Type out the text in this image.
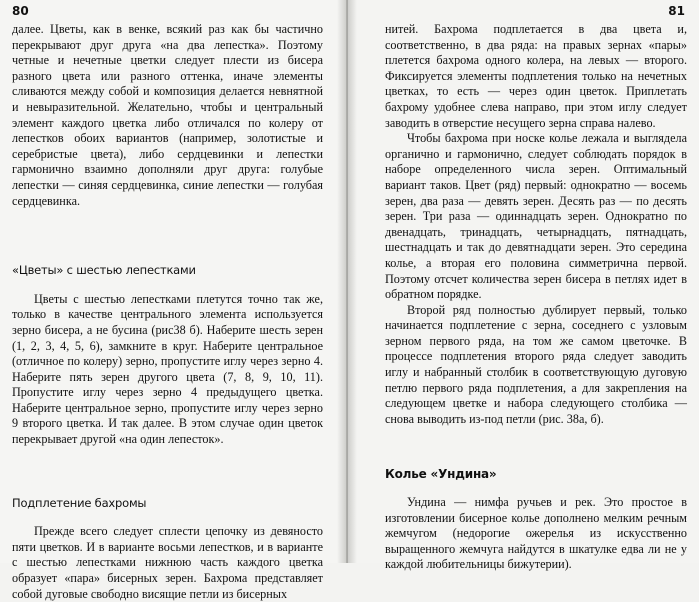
80

далее. Цветы, как в венке, всякий раз как бы частично перекрывают друг друга «на два лепестка». Поэтому четные и нечетные цветки следует плести из бисера разного цвета или разного оттенка, иначе элементы сливаются между собой и композиция делается невнятной и невыразительной. Желательно, чтобы и центральный элемент каждого цветка либо отличался по колеру от лепестков обоих вариантов (например, золотистые и серебристые цвета), либо сердцевинки и лепестки гармонично взаимно дополняли друг друга: голубые лепестки — синяя сердцевинка, синие лепестки — голубая сердцевинка.

«Цветы» с шестью лепестками

Цветы с шестью лепестками плетутся точно так же, только в качестве центрального элемента используется зерно бисера, а не бусина (рис38 б). Наберите шесть зерен (1, 2, 3, 4, 5, 6), замкните в круг. Наберите центральное (отличное по колеру) зерно, пропустите иглу через зерно 4. Наберите пять зерен другого цвета (7, 8, 9, 10, 11). Пропустите иглу через зерно 4 предыдущего цветка. Наберите центральное зерно, пропустите иглу через зерно 9 второго цветка. И так далее. В этом случае один цветок перекрывает другой «на один лепесток».

Подплетение бахромы

Прежде всего следует сплести цепочку из девяносто пяти цветков. И в варианте восьми лепестков, и в варианте с шестью лепестками нижнюю часть каждого цветка образует «пара» бисерных зерен. Бахрома представляет собой дуговые свободно висящие петли из бисерных

81

нитей. Бахрома подплетается в два цвета и, соответственно, в два ряда: на правых зернах «пары» плетется бахрома одного колера, на левых — второго. Фиксируется элементы подплетения только на нечетных цветках, то есть — через один цветок. Приплетать бахрому удобнее слева направо, при этом иглу следует заводить в отверстие несущего зерна справа налево.

Чтобы бахрома при носке колье лежала и выглядела органично и гармонично, следует соблюдать порядок в наборе определенного числа зерен. Оптимальный вариант таков. Цвет (ряд) первый: однократно — восемь зерен, два раза — девять зерен. Десять раз — по десять зерен. Три раза — одиннадцать зерен. Однократно по двенадцать, тринадцать, четырнадцать, пятнадцать, шестнадцать и так до девятнадцати зерен. Это середина колье, а вторая его половина симметрична первой. Поэтому отсчет количества зерен бисера в петлях идет в обратном порядке.

Второй ряд полностью дублирует первый, только начинается подплетение с зерна, соседнего с узловым зерном первого ряда, на том же самом цветочке. В процессе подплетения второго ряда следует заводить иглу и набранный столбик в соответствующую дуговую петлю первого ряда подплетения, а для закрепления на следующем цветке и набора следующего столбика — снова выводить из-под петли (рис. 38а, б).

Колье «Ундина»

Ундина — нимфа ручьев и рек. Это простое в изготовлении бисерное колье дополнено мелким речным жемчугом (недорогие ожерелья из искусственно выращенного жемчуга найдутся в шкатулке едва ли не у каждой любительницы бижутерии).
